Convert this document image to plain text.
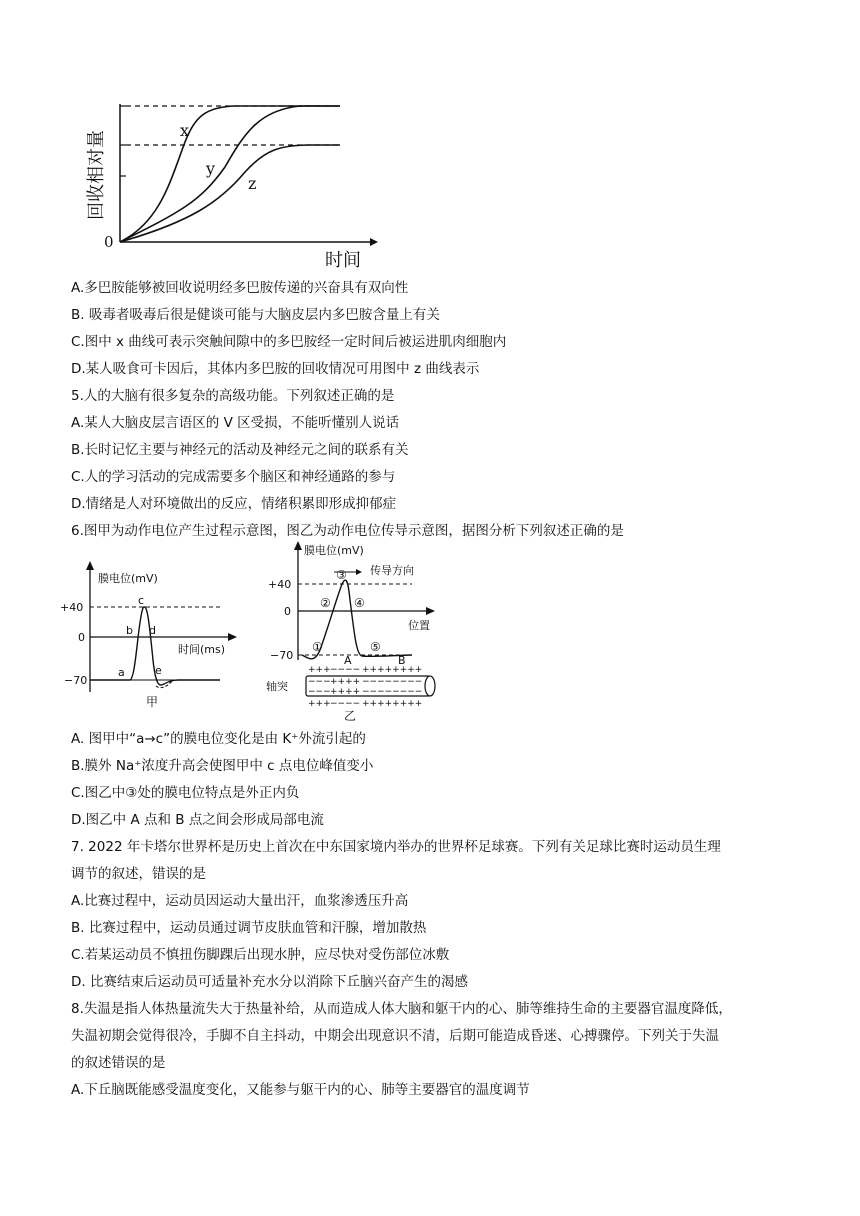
x
y
z
0
时间
回收相对量
A.多巴胺能够被回收说明经多巴胺传递的兴奋具有双向性
B. 吸毒者吸毒后很是健谈可能与大脑皮层内多巴胺含量上有关
C.图中 x 曲线可表示突触间隙中的多巴胺经一定时间后被运进肌肉细胞内
D.某人吸食可卡因后，其体内多巴胺的回收情况可用图中 z 曲线表示
5.人的大脑有很多复杂的高级功能。下列叙述正确的是
A.某人大脑皮层言语区的 V 区受损，不能听懂别人说话
B.长时记忆主要与神经元的活动及神经元之间的联系有关
C.人的学习活动的完成需要多个脑区和神经通路的参与
D.情绪是人对环境做出的反应，情绪积累即形成抑郁症
6.图甲为动作电位产生过程示意图，图乙为动作电位传导示意图，据图分析下列叙述正确的是
膜电位(mV)
+40
0
−70
时间(ms)
a
b
c
d
e
甲
膜电位(mV)
传导方向
+40
0
−70
位置
①
②
③
④
⑤
A	B
轴突
+++ −−−− ++++++++
−−− ++++ −−−−−−−−
−−− ++++ −−−−−−−−
+++ −−−− ++++++++
乙
A. 图甲中“a→c”的膜电位变化是由 K⁺外流引起的
B.膜外 Na⁺浓度升高会使图甲中 c 点电位峰值变小
C.图乙中③处的膜电位特点是外正内负
D.图乙中 A 点和 B 点之间会形成局部电流
7. 2022 年卡塔尔世界杯是历史上首次在中东国家境内举办的世界杯足球赛。下列有关足球比赛时运动员生理
调节的叙述，错误的是
A.比赛过程中，运动员因运动大量出汗，血浆渗透压升高
B. 比赛过程中，运动员通过调节皮肤血管和汗腺，增加散热
C.若某运动员不慎扭伤脚踝后出现水肿，应尽快对受伤部位冰敷
D. 比赛结束后运动员可适量补充水分以消除下丘脑兴奋产生的渴感
8.失温是指人体热量流失大于热量补给，从而造成人体大脑和躯干内的心、肺等维持生命的主要器官温度降低，
失温初期会觉得很冷，手脚不自主抖动，中期会出现意识不清，后期可能造成昏迷、心搏骤停。下列关于失温
的叙述错误的是
A.下丘脑既能感受温度变化，又能参与躯干内的心、肺等主要器官的温度调节
